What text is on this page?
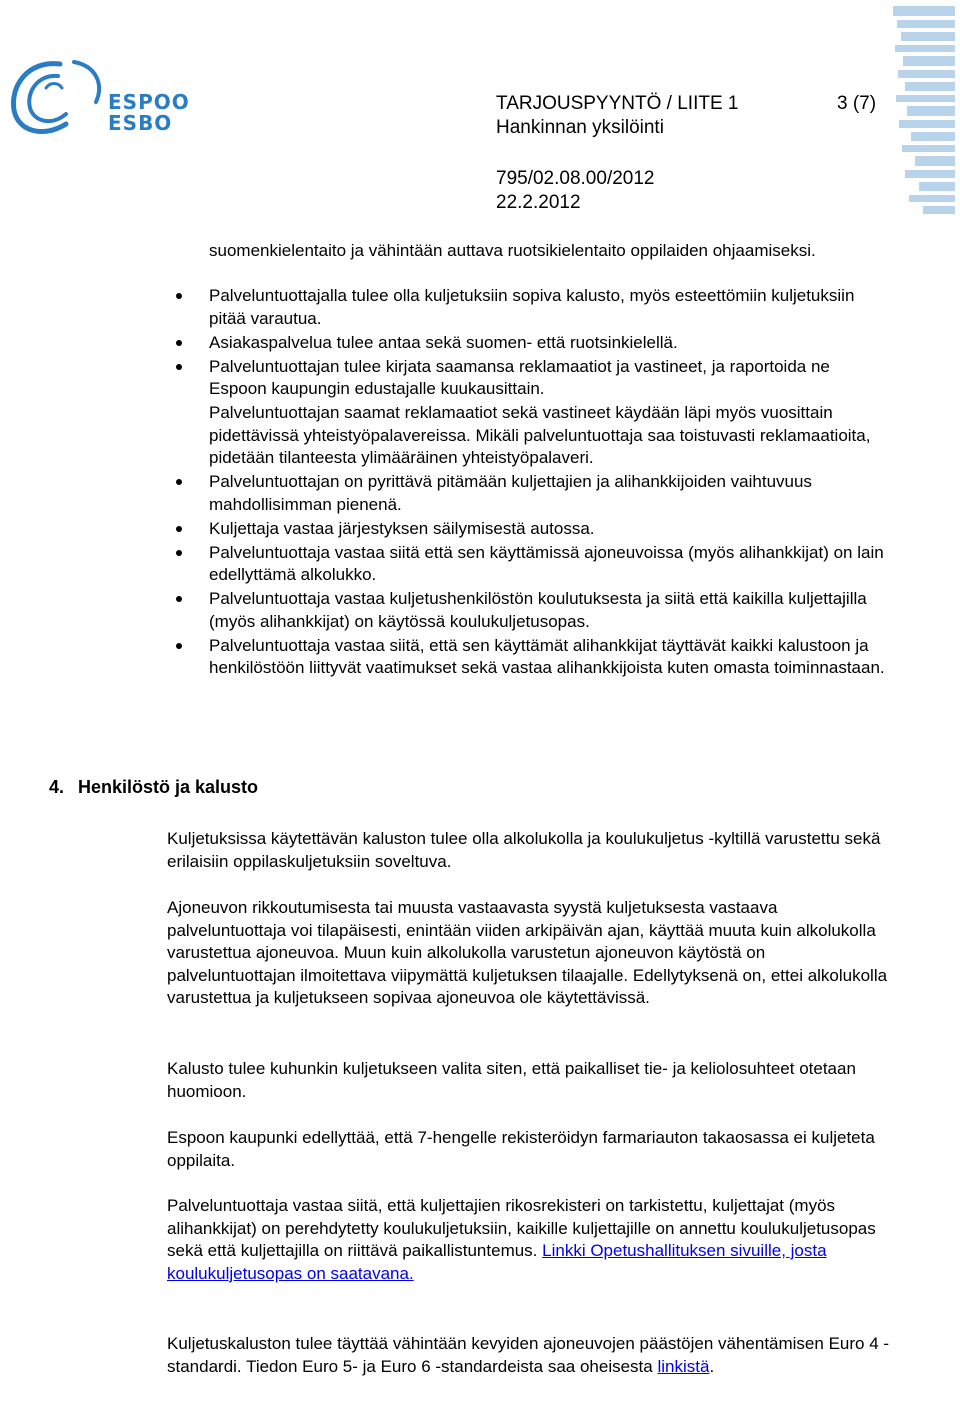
ESPOO
ESBO
TARJOUSPYYNTÖ / LIITE 1	3 (7)
Hankinnan yksilöinti
795/02.08.00/2012
22.2.2012

suomenkielentaito ja vähintään auttava ruotsikielentaito oppilaiden ohjaamiseksi.

Palveluntuottajalla tulee olla kuljetuksiin sopiva kalusto, myös esteettömiin kuljetuksiin pitää varautua.
Asiakaspalvelua tulee antaa sekä suomen- että ruotsinkielellä.
Palveluntuottajan tulee kirjata saamansa reklamaatiot ja vastineet, ja raportoida ne Espoon kaupungin edustajalle kuukausittain.
Palveluntuottajan saamat reklamaatiot sekä vastineet käydään läpi myös vuosittain pidettävissä yhteistyöpalavereissa. Mikäli palveluntuottaja saa toistuvasti reklamaatioita, pidetään tilanteesta ylimääräinen yhteistyöpalaveri.
Palveluntuottajan on pyrittävä pitämään kuljettajien ja alihankkijoiden vaihtuvuus mahdollisimman pienenä.
Kuljettaja vastaa järjestyksen säilymisestä autossa.
Palveluntuottaja vastaa siitä että sen käyttämissä ajoneuvoissa (myös alihankkijat) on lain edellyttämä alkolukko.
Palveluntuottaja vastaa kuljetushenkilöstön koulutuksesta ja siitä että kaikilla kuljettajilla (myös alihankkijat) on käytössä koulukuljetusopas.
Palveluntuottaja vastaa siitä, että sen käyttämät alihankkijat täyttävät kaikki kalustoon ja henkilöstöön liittyvät vaatimukset sekä vastaa alihankkijoista kuten omasta toiminnastaan.
4. Henkilöstö ja kalusto

Kuljetuksissa käytettävän kaluston tulee olla alkolukolla ja koulukuljetus -kyltillä varustettu sekä erilaisiin oppilaskuljetuksiin soveltuva.

Ajoneuvon rikkoutumisesta tai muusta vastaavasta syystä kuljetuksesta vastaava palveluntuottaja voi tilapäisesti, enintään viiden arkipäivän ajan, käyttää muuta kuin alkolukolla varustettua ajoneuvoa. Muun kuin alkolukolla varustetun ajoneuvon käytöstä on palveluntuottajan ilmoitettava viipymättä kuljetuksen tilaajalle. Edellytyksenä on, ettei alkolukolla varustettua ja kuljetukseen sopivaa ajoneuvoa ole käytettävissä.

Kalusto tulee kuhunkin kuljetukseen valita siten, että paikalliset tie- ja keliolosuhteet otetaan huomioon.

Espoon kaupunki edellyttää, että 7-hengelle rekisteröidyn farmariauton takaosassa ei kuljeteta oppilaita.

Palveluntuottaja vastaa siitä, että kuljettajien rikosrekisteri on tarkistettu, kuljettajat (myös alihankkijat) on perehdytetty koulukuljetuksiin, kaikille kuljettajille on annettu koulukuljetusopas sekä että kuljettajilla on riittävä paikallistuntemus. Linkki Opetushallituksen sivuille, josta koulukuljetusopas on saatavana.

Kuljetuskaluston tulee täyttää vähintään kevyiden ajoneuvojen päästöjen vähentämisen Euro 4 -standardi. Tiedon Euro 5- ja Euro 6 -standardeista saa oheisesta linkistä.
